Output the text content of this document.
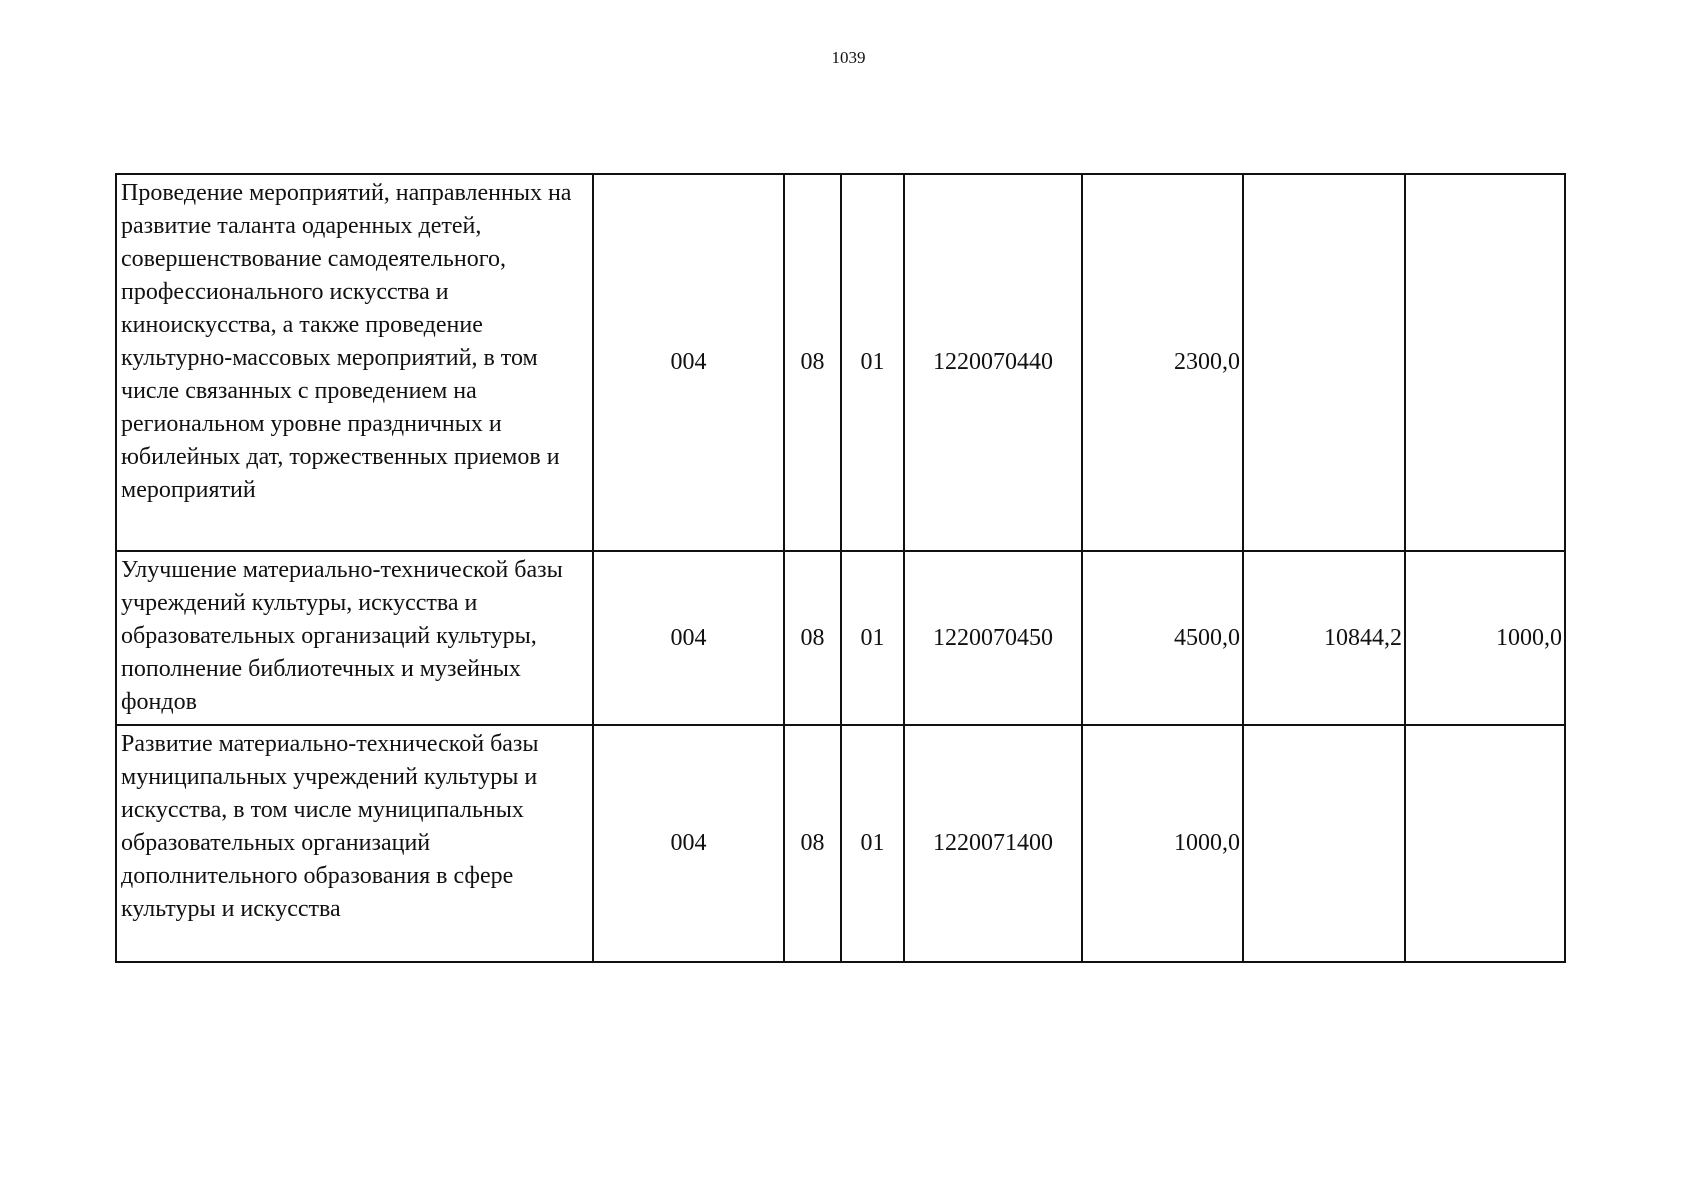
1039
Проведение мероприятий, направленных на развитие таланта одаренных детей, совершенствование самодеятельного, профессионального искусства и киноискусства, а также проведение культурно-массовых мероприятий, в том числе связанных с проведением на региональном уровне праздничных и юбилейных дат, торжественных приемов и мероприятий	004	08	01	1220070440	2300,0		
Улучшение материально-технической базы учреждений культуры, искусства и образовательных организаций культуры, пополнение библиотечных и музейных фондов	004	08	01	1220070450	4500,0	10844,2	1000,0
Развитие материально-технической базы муниципальных учреждений культуры и искусства, в том числе муниципальных образовательных организаций дополнительного образования в сфере культуры и искусства	004	08	01	1220071400	1000,0		
